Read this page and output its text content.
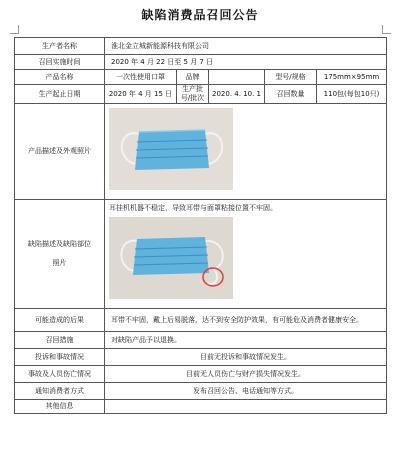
缺陷消费品召回公告
生产者名称	淮北金立城新能源科技有限公司				
召回实施时间	2020 年 4 月 22 日至 5 月 7 日				
产品名称	一次性使用口罩	品牌		型号/规格	175mm×95mm
生产起止日期	2020 年 4 月 15 日	生产批号/批次	2020. 4. 10. 1	召回数量	110包(每包10只)
产品描述及外观照片	

缺陷描述及缺陷部位
照片	耳挂机机器不稳定，导致耳带与面罩粘接位置不牢固。				

可能造成的后果	耳带不牢固，戴上后易脱落，达不到安全防护效果，有可能危及消费者健康安全。				
召回措施	对缺陷产品予以退换。				
投诉和事故情况	目前无投诉和事故情况发生。				
事故及人员伤亡情况	目前无人员伤亡与财产损失情况发生。				
通知消费者方式	发布召回公告、电话通知等方式。				
其他信息					
